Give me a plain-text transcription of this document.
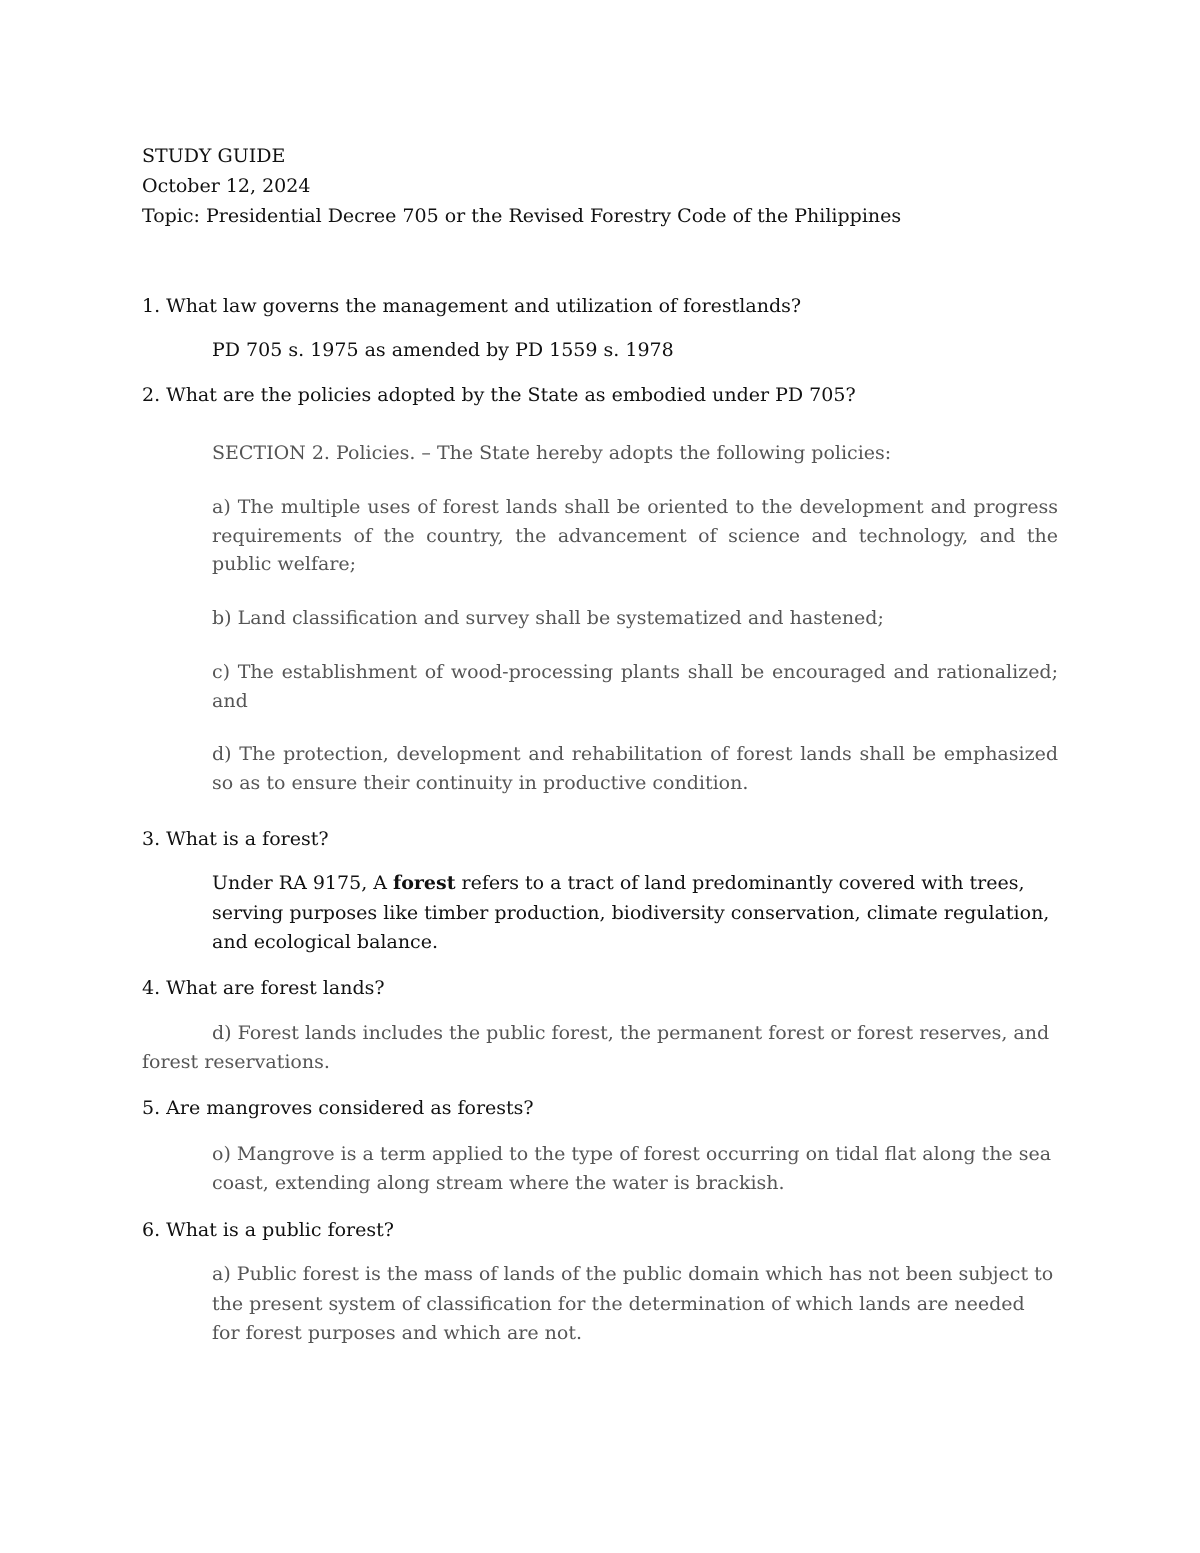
STUDY GUIDE
October 12, 2024
Topic: Presidential Decree 705 or the Revised Forestry Code of the Philippines
1. What law governs the management and utilization of forestlands?
PD 705 s. 1975 as amended by PD 1559 s. 1978
2. What are the policies adopted by the State as embodied under PD 705?
SECTION 2. Policies. – The State hereby adopts the following policies:
a) The multiple uses of forest lands shall be oriented to the development and progress requirements of the country, the advancement of science and technology, and the public welfare;
b) Land classification and survey shall be systematized and hastened;
c) The establishment of wood-processing plants shall be encouraged and rationalized; and
d) The protection, development and rehabilitation of forest lands shall be emphasized so as to ensure their continuity in productive condition.
3. What is a forest?
Under RA 9175, A forest refers to a tract of land predominantly covered with trees, serving purposes like timber production, biodiversity conservation, climate regulation, and ecological balance.
4. What are forest lands?
d) Forest lands includes the public forest, the permanent forest or forest reserves, and forest reservations.
5. Are mangroves considered as forests?
o) Mangrove is a term applied to the type of forest occurring on tidal flat along the sea coast, extending along stream where the water is brackish.
6. What is a public forest?
a) Public forest is the mass of lands of the public domain which has not been subject to the present system of classification for the determination of which lands are needed for forest purposes and which are not.
